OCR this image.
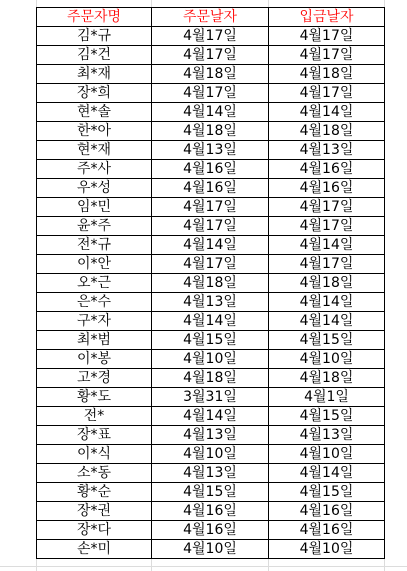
주문자명	주문날자	입금날자
김*규	4월17일	4월17일
김*건	4월17일	4월17일
최*재	4월18일	4월18일
장*희	4월17일	4월17일
현*솔	4월14일	4월14일
한*아	4월18일	4월18일
현*재	4월13일	4월13일
주*사	4월16일	4월16일
우*성	4월16일	4월16일
임*민	4월17일	4월17일
윤*주	4월17일	4월17일
전*규	4월14일	4월14일
이*안	4월17일	4월17일
오*근	4월18일	4월18일
은*수	4월13일	4월14일
구*자	4월14일	4월14일
최*범	4월15일	4월15일
이*봉	4월10일	4월10일
고*경	4월18일	4월18일
황*도	3월31일	4월1일
전*	4월14일	4월15일
장*표	4월13일	4월13일
이*식	4월10일	4월10일
소*동	4월13일	4월14일
황*순	4월15일	4월15일
장*권	4월16일	4월16일
장*다	4월16일	4월16일
손*미	4월10일	4월10일
